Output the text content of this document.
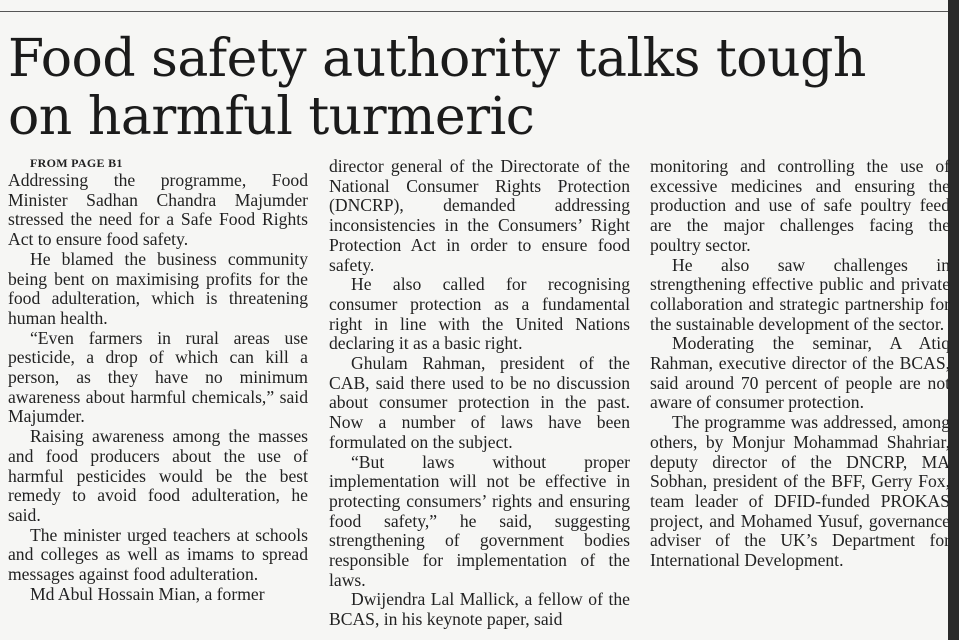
Food safety authority talks tough on harmful turmeric

FROM PAGE B1

Addressing the programme, Food Minister Sadhan Chandra Majumder stressed the need for a Safe Food Rights Act to ensure food safety.

He blamed the business community being bent on maximising profits for the food adulteration, which is threatening human health.

“Even farmers in rural areas use pesticide, a drop of which can kill a person, as they have no minimum awareness about harmful chemicals,” said Majumder.

Raising awareness among the masses and food producers about the use of harmful pesticides would be the best remedy to avoid food adulteration, he said.

The minister urged teachers at schools and colleges as well as imams to spread messages against food adulteration.

Md Abul Hossain Mian, a former

director general of the Directorate of the National Consumer Rights Protection (DNCRP), demanded addressing inconsistencies in the Consumers’ Right Protection Act in order to ensure food safety.

He also called for recognising consumer protection as a fundamental right in line with the United Nations declaring it as a basic right.

Ghulam Rahman, president of the CAB, said there used to be no discussion about consumer protection in the past. Now a number of laws have been formulated on the subject.

“But laws without proper implementation will not be effective in protecting consumers’ rights and ensuring food safety,” he said, suggesting strengthening of government bodies responsible for implementation of the laws.

Dwijendra Lal Mallick, a fellow of the BCAS, in his keynote paper, said

monitoring and controlling the use of excessive medicines and ensuring the production and use of safe poultry feed are the major challenges facing the poultry sector.

He also saw challenges in strengthening effective public and private collaboration and strategic partnership for the sustainable development of the sector.

Moderating the seminar, A Atiq Rahman, executive director of the BCAS, said around 70 percent of people are not aware of consumer protection.

The programme was addressed, among others, by Monjur Mohammad Shahriar, deputy director of the DNCRP, MA Sobhan, president of the BFF, Gerry Fox, team leader of DFID-funded PROKAS project, and Mohamed Yusuf, governance adviser of the UK’s Department for International Development.
